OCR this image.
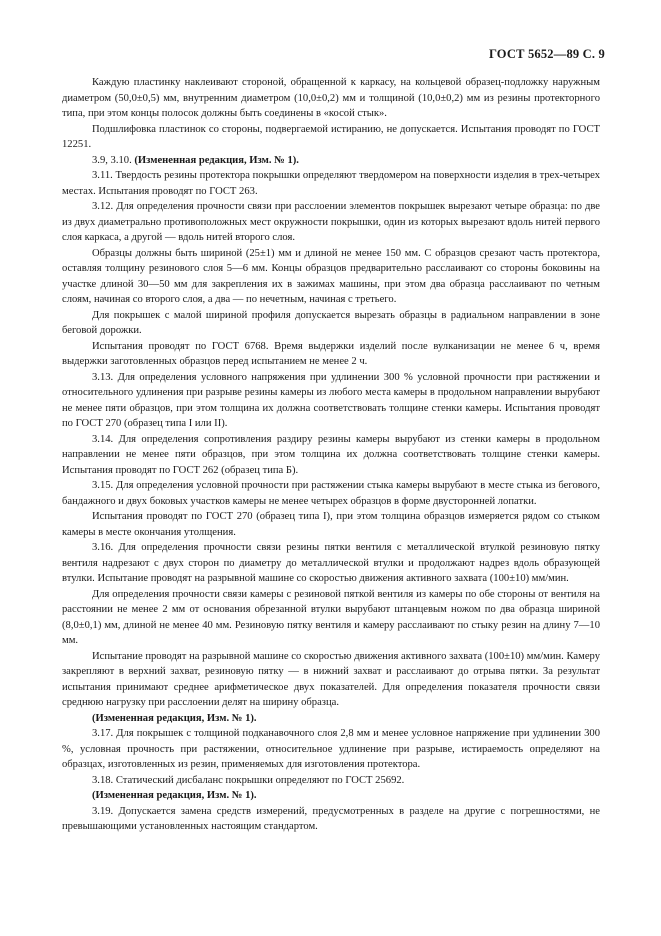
ГОСТ 5652—89 С. 9

Каждую пластинку наклеивают стороной, обращенной к каркасу, на кольцевой образец-подложку наружным диаметром (50,0±0,5) мм, внутренним диаметром (10,0±0,2) мм и толщиной (10,0±0,2) мм из резины протекторного типа, при этом концы полосок должны быть соединены в «косой стык».

Подшлифовка пластинок со стороны, подвергаемой истиранию, не допускается. Испытания проводят по ГОСТ 12251.

3.9, 3.10. (Измененная редакция, Изм. № 1).

3.11. Твердость резины протектора покрышки определяют твердомером на поверхности изделия в трех-четырех местах. Испытания проводят по ГОСТ 263.

3.12. Для определения прочности связи при расслоении элементов покрышек вырезают четыре образца: по две из двух диаметрально противоположных мест окружности покрышки, один из которых вырезают вдоль нитей первого слоя каркаса, а другой — вдоль нитей второго слоя.

Образцы должны быть шириной (25±1) мм и длиной не менее 150 мм. С образцов срезают часть протектора, оставляя толщину резинового слоя 5—6 мм. Концы образцов предварительно расслаивают со стороны боковины на участке длиной 30—50 мм для закрепления их в зажимах машины, при этом два образца расслаивают по четным слоям, начиная со второго слоя, а два — по нечетным, начиная с третьего.

Для покрышек с малой шириной профиля допускается вырезать образцы в радиальном направлении в зоне беговой дорожки.

Испытания проводят по ГОСТ 6768. Время выдержки изделий после вулканизации не менее 6 ч, время выдержки заготовленных образцов перед испытанием не менее 2 ч.

3.13. Для определения условного напряжения при удлинении 300 % условной прочности при растяжении и относительного удлинения при разрыве резины камеры из любого места камеры в продольном направлении вырубают не менее пяти образцов, при этом толщина их должна соответствовать толщине стенки камеры. Испытания проводят по ГОСТ 270 (образец типа I или II).

3.14. Для определения сопротивления раздиру резины камеры вырубают из стенки камеры в продольном направлении не менее пяти образцов, при этом толщина их должна соответствовать толщине стенки камеры. Испытания проводят по ГОСТ 262 (образец типа Б).

3.15. Для определения условной прочности при растяжении стыка камеры вырубают в месте стыка из бегового, бандажного и двух боковых участков камеры не менее четырех образцов в форме двусторонней лопатки.

Испытания проводят по ГОСТ 270 (образец типа I), при этом толщина образцов измеряется рядом со стыком камеры в месте окончания утолщения.

3.16. Для определения прочности связи резины пятки вентиля с металлической втулкой резиновую пятку вентиля надрезают с двух сторон по диаметру до металлической втулки и продолжают надрез вдоль образующей втулки. Испытание проводят на разрывной машине со скоростью движения активного захвата (100±10) мм/мин.

Для определения прочности связи камеры с резиновой пяткой вентиля из камеры по обе стороны от вентиля на расстоянии не менее 2 мм от основания обрезанной втулки вырубают штанцевым ножом по два образца шириной (8,0±0,1) мм, длиной не менее 40 мм. Резиновую пятку вентиля и камеру расслаивают по стыку резин на длину 7—10 мм.

Испытание проводят на разрывной машине со скоростью движения активного захвата (100±10) мм/мин. Камеру закрепляют в верхний захват, резиновую пятку — в нижний захват и расслаивают до отрыва пятки. За результат испытания принимают среднее арифметическое двух показателей. Для определения показателя прочности связи среднюю нагрузку при расслоении делят на ширину образца.

(Измененная редакция, Изм. № 1).

3.17. Для покрышек с толщиной подканавочного слоя 2,8 мм и менее условное напряжение при удлинении 300 %, условная прочность при растяжении, относительное удлинение при разрыве, истираемость определяют на образцах, изготовленных из резин, применяемых для изготовления протектора.

3.18. Статический дисбаланс покрышки определяют по ГОСТ 25692.

(Измененная редакция, Изм. № 1).

3.19. Допускается замена средств измерений, предусмотренных в разделе на другие с погрешностями, не превышающими установленных настоящим стандартом.
